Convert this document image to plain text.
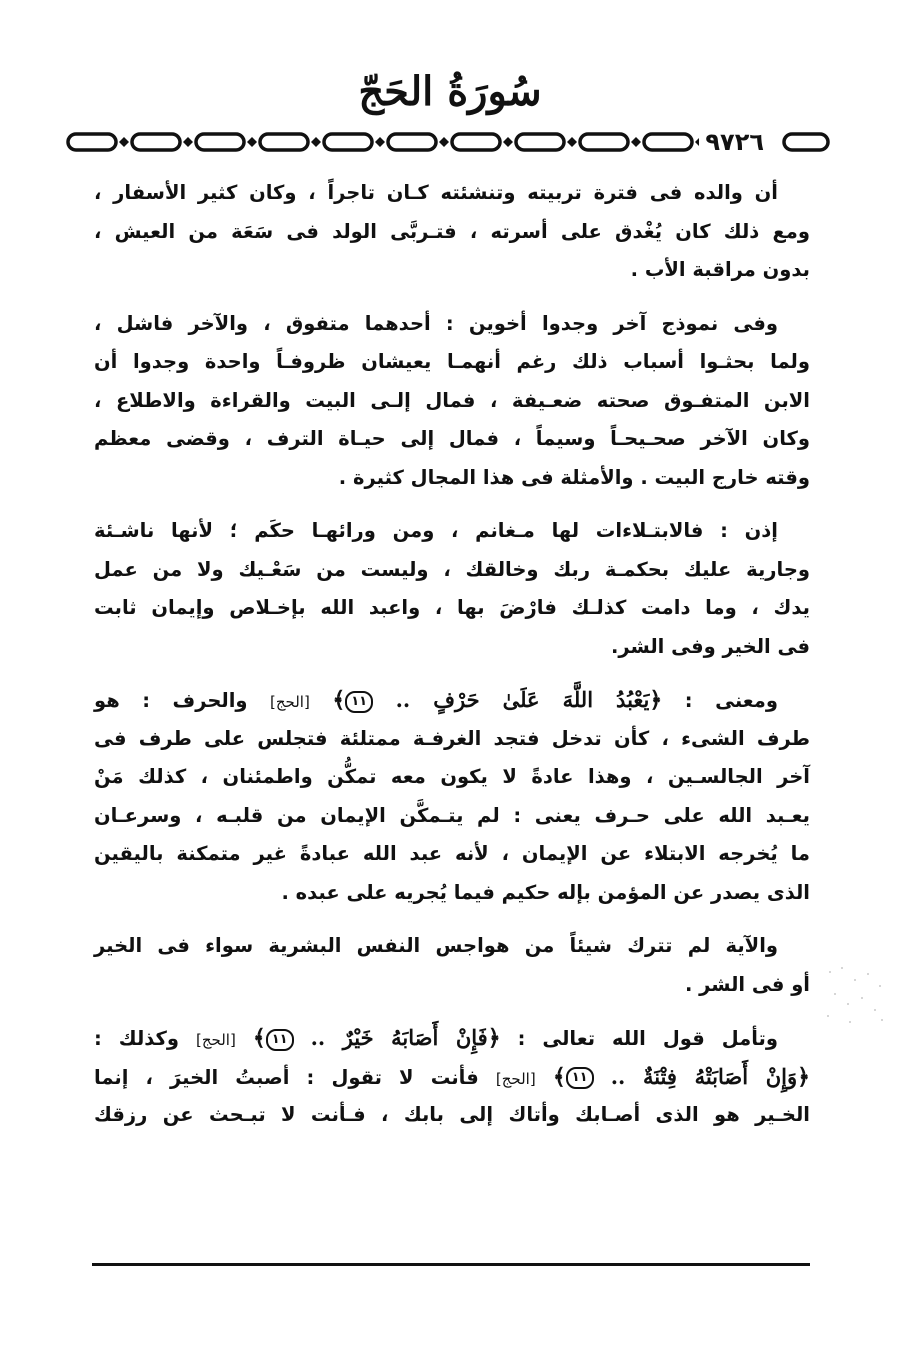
سُورَةُ الحَجّ
٩٧٢٦
أن والده فى فترة تربيته وتنشئته كـان تاجراً ، وكان كثير الأسفار ،
ومع ذلك كان يُغْدق على أسرته ، فتـربَّى الولد فى سَعَة من العيش ،
بدون مراقبة الأب .
وفى نموذج آخر وجدوا أخوين : أحدهما متفوق ، والآخر فاشل ،
ولما بحثـوا أسباب ذلك رغم أنهمـا يعيشان ظروفـاً واحدة وجدوا أن
الابن المتفـوق صحته ضعـيفة ، فمال إلـى البيت والقراءة والاطلاع ،
وكان الآخر صحـيحـاً وسيماً ، فمال إلى حيـاة الترف ، وقضى معظم
وقته خارج البيت . والأمثلة فى هذا المجال كثيرة .
إذن : فالابتـلاءات لها مـغانم ، ومن ورائهـا حكَم ؛ لأنها ناشـئة
وجارية عليك بحكمـة ربك وخالقك ، وليست من سَعْـيك ولا من عمل
يدك ، وما دامت كذلـك فارْضَ بها ، واعبد الله بإخـلاص وإيمان ثابت
فى الخير وفى الشر.
ومعنى : ﴿يَعْبُدُ اللَّهَ عَلَىٰ حَرْفٍ .. ١١﴾ [الحج] والحرف : هو
طرف الشىء ، كأن تدخل فتجد الغرفـة ممتلئة فتجلس على طرف فى
آخر الجالسـين ، وهذا عادةً لا يكون معه تمكُّن واطمئنان ، كذلك مَنْ
يعـبد الله على حـرف يعنى : لم يتـمكَّن الإيمان من قلبـه ، وسرعـان
ما يُخرجه الابتلاء عن الإيمان ، لأنه عبد الله عبادةً غير متمكنة باليقين
الذى يصدر عن المؤمن بإله حكيم فيما يُجريه على عبده .
والآية لم تترك شيئاً من هواجس النفس البشرية سواء فى الخير
أو فى الشر .
وتأمل قول الله تعالى : ﴿فَإِنْ أَصَابَهُ خَيْرٌ .. ١١﴾ [الحج] وكذلك :
﴿وَإِنْ أَصَابَتْهُ فِتْنَةٌ .. ١١﴾ [الحج] فأنت لا تقول : أصبتُ الخيرَ ، إنما
الخـير هو الذى أصـابك وأتاك إلى بابك ، فـأنت لا تبـحث عن رزقك
